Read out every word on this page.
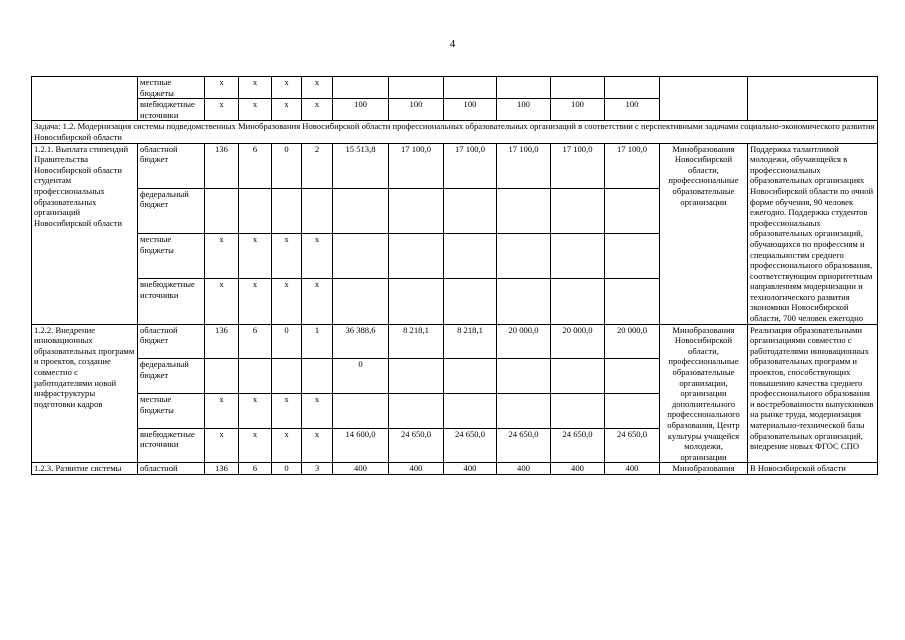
4
	местные бюджеты	x	x	x	x								
	внебюджетные источники	x	x	x	x	100	100	100	100	100	100		
Задача: 1.2. Модернизация системы подведомственных Минобразования Новосибирской области профессиональных образовательных организаций в соответствии с перспективными задачами социально-экономического развития Новосибирской области													
1.2.1. Выплата стипендий Правительства Новосибирской области студентам профессиональных образовательных организаций Новосибирской области	областной бюджет	136	6	0	2	15 513,8	17 100,0	17 100,0	17 100,0	17 100,0	17 100,0	Минобразования Новосибирской области, профессиональные образовательные организации	Поддержка талантливой молодежи, обучающейся в профессиональных образовательных организациях Новосибирской области по очной форме обучения, 90 человек ежегодно. Поддержка студентов профессиональных образовательных организаций, обучающихся по профессиям и специальностям среднего профессионального образования, соответствующим приоритетным направлениям модернизации и технологического развития экономики Новосибирской области, 700 человек ежегодно
	федеральный бюджет												
	местные бюджеты	x	x	x	x								
	внебюджетные источники	x	x	x	x								
1.2.2. Внедрение инновационных образовательных программ и проектов, создание совместно с работодателями новой инфраструктуры подготовки кадров	областной бюджет	136	6	0	1	36 388,6	8 218,1	8 218,1	20 000,0	20 000,0	20 000,0	Минобразования Новосибирской области, профессиональные образовательные организации, организации дополнительного профессионального образования, Центр культуры учащейся молодежи, организации	Реализация образовательными организациями совместно с работодателями инновационных образовательных программ и проектов, способствующих повышению качества среднего профессионального образования и востребованности выпускников на рынке труда, модернизация материально-технической базы образовательных организаций, внедрение новых ФГОС СПО
	федеральный бюджет					0							
	местные бюджеты	x	x	x	x								
	внебюджетные источники	x	x	x	x	14 600,0	24 650,0	24 650,0	24 650,0	24 650,0	24 650,0		
1.2.3. Развитие системы	областной	136	6	0	3	400	400	400	400	400	400	Минобразования	В Новосибирской области
